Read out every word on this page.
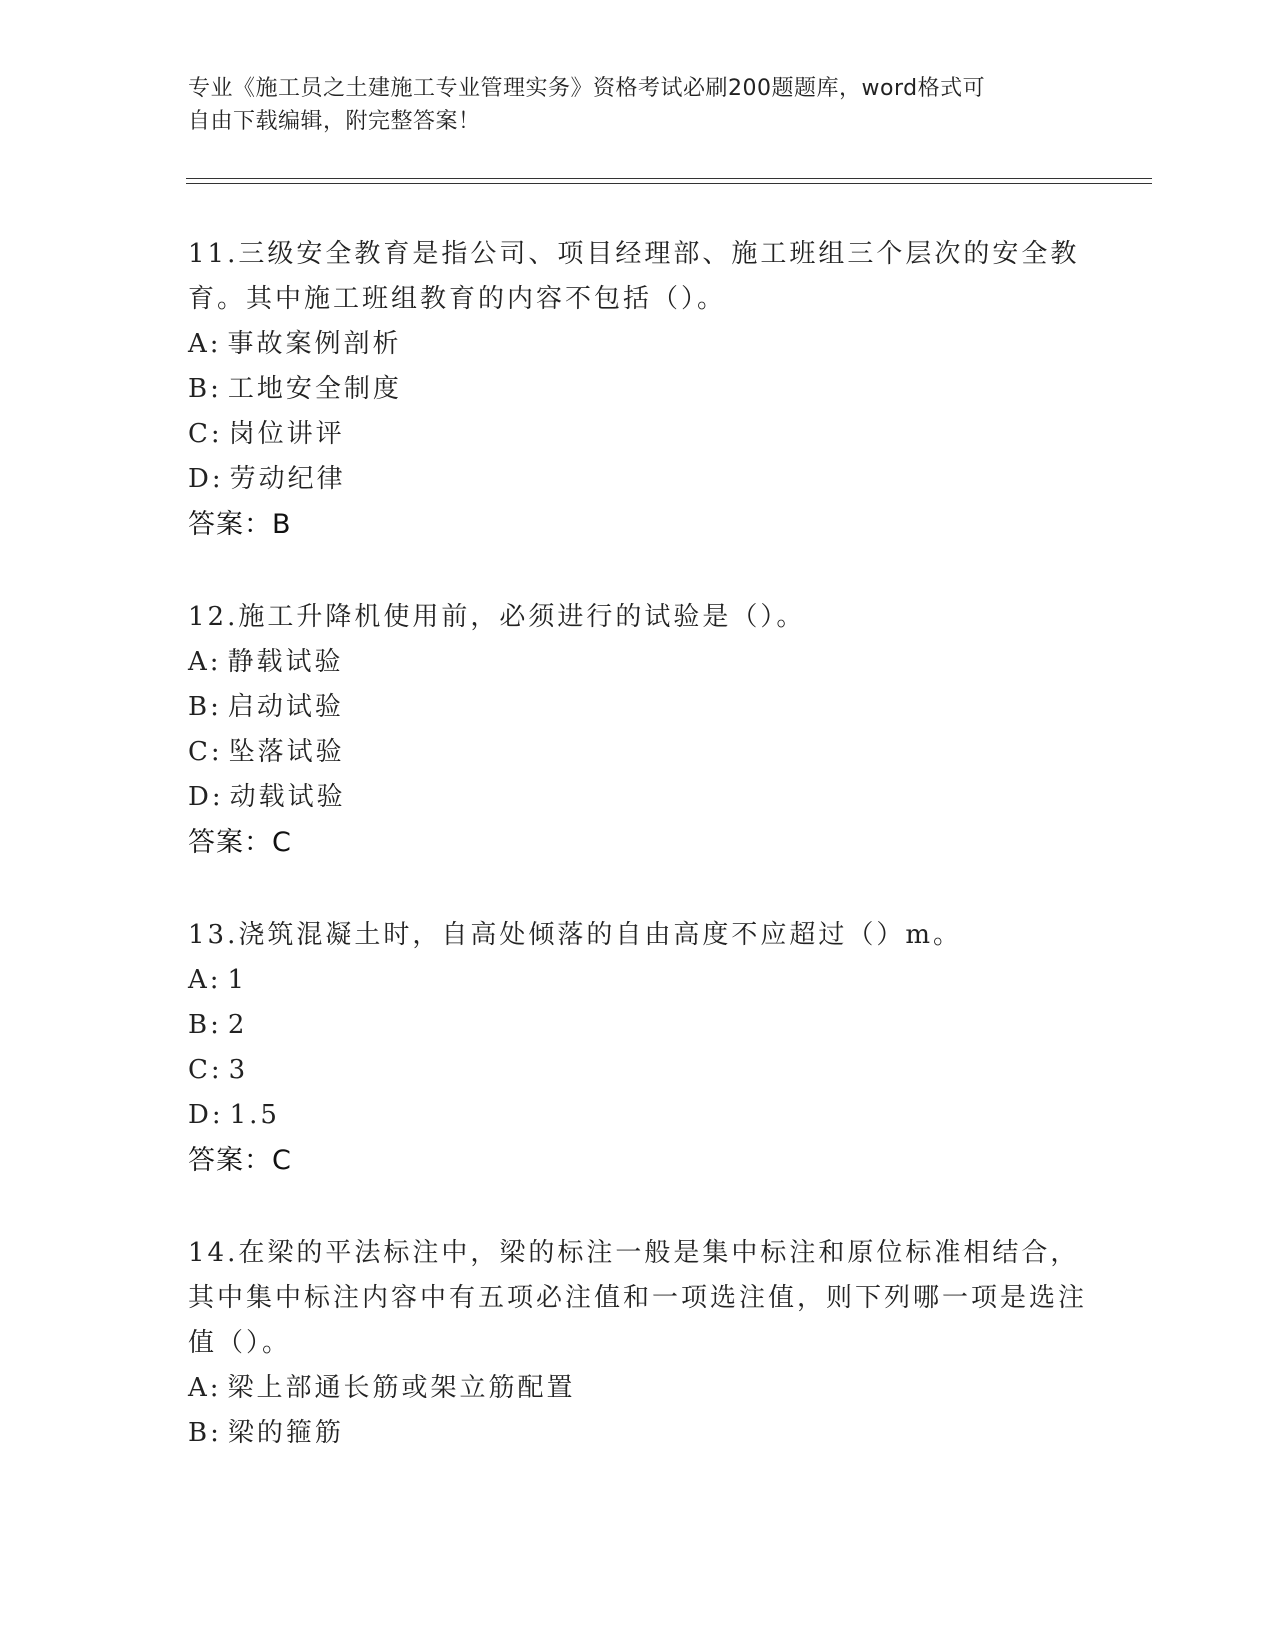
专业《施工员之土建施工专业管理实务》资格考试必刷200题题库，word格式可
自由下载编辑，附完整答案！

11.三级安全教育是指公司、项目经理部、施工班组三个层次的安全教育。其中施工班组教育的内容不包括（）。

A: 事故案例剖析
B: 工地安全制度
C: 岗位讲评
D: 劳动纪律
答案：B

12.施工升降机使用前，必须进行的试验是（）。

A: 静载试验
B: 启动试验
C: 坠落试验
D: 动载试验
答案：C

13.浇筑混凝土时，自高处倾落的自由高度不应超过（）m。

A: 1
B: 2
C: 3
D: 1.5
答案：C

14.在梁的平法标注中，梁的标注一般是集中标注和原位标准相结合，其中集中标注内容中有五项必注值和一项选注值，则下列哪一项是选注值（）。

A: 梁上部通长筋或架立筋配置
B: 梁的箍筋
